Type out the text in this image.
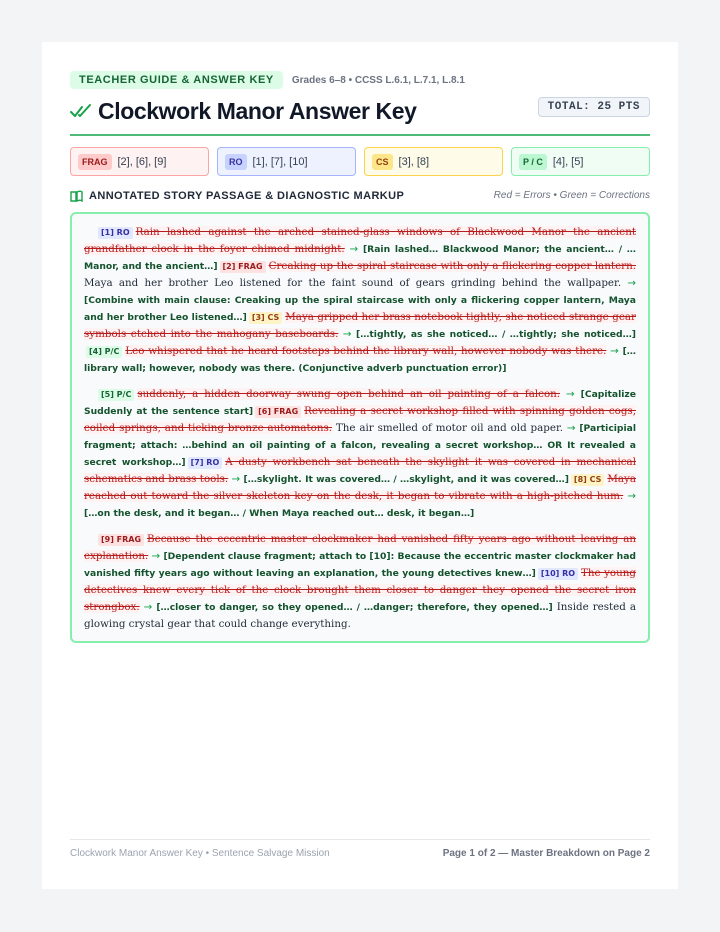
TEACHER GUIDE & ANSWER KEY	Grades 6–8 • CCSS L.6.1, L.7.1, L.8.1
Clockwork Manor Answer Key	TOTAL: 25 PTS
FRAG [2], [6], [9]	RO [1], [7], [10]	CS [3], [8]	P / C [4], [5]
ANNOTATED STORY PASSAGE & DIAGNOSTIC MARKUP	Red = Errors • Green = Corrections

[1] RO Rain lashed against the arched stained-glass windows of Blackwood Manor the ancient grandfather clock in the foyer chimed midnight. → [Rain lashed… Blackwood Manor; the ancient… / …Manor, and the ancient…] [2] FRAG Creaking up the spiral staircase with only a flickering copper lantern. Maya and her brother Leo listened for the faint sound of gears grinding behind the wallpaper. → [Combine with main clause: Creaking up the spiral staircase with only a flickering copper lantern, Maya and her brother Leo listened…] [3] CS Maya gripped her brass notebook tightly, she noticed strange gear symbols etched into the mahogany baseboards. → […tightly, as she noticed… / …tightly; she noticed…][4] P/C Leo whispered that he heard footsteps behind the library wall, however nobody was there. → […library wall; however, nobody was there. (Conjunctive adverb punctuation error)]

[5] P/C suddenly, a hidden doorway swung open behind an oil painting of a falcon. → [Capitalize Suddenly at the sentence start] [6] FRAG Revealing a secret workshop filled with spinning golden cogs, coiled springs, and ticking bronze automatons. The air smelled of motor oil and old paper. → [Participial fragment; attach: …behind an oil painting of a falcon, revealing a secret workshop… OR It revealed a secret workshop…] [7] RO A dusty workbench sat beneath the skylight it was covered in mechanical schematics and brass tools. → […skylight. It was covered… / …skylight, and it was covered…] [8] CS Maya reached out toward the silver skeleton key on the desk, it began to vibrate with a high-pitched hum. → […on the desk, and it began… / When Maya reached out… desk, it began…]

[9] FRAG Because the eccentric master clockmaker had vanished fifty years ago without leaving an explanation. → [Dependent clause fragment; attach to [10]: Because the eccentric master clockmaker had vanished fifty years ago without leaving an explanation, the young detectives knew…] [10] RO The young detectives knew every tick of the clock brought them closer to danger they opened the secret iron strongbox. → […closer to danger, so they opened… / …danger; therefore, they opened…] Inside rested a glowing crystal gear that could change everything.

Clockwork Manor Answer Key • Sentence Salvage Mission	Page 1 of 2 — Master Breakdown on Page 2
